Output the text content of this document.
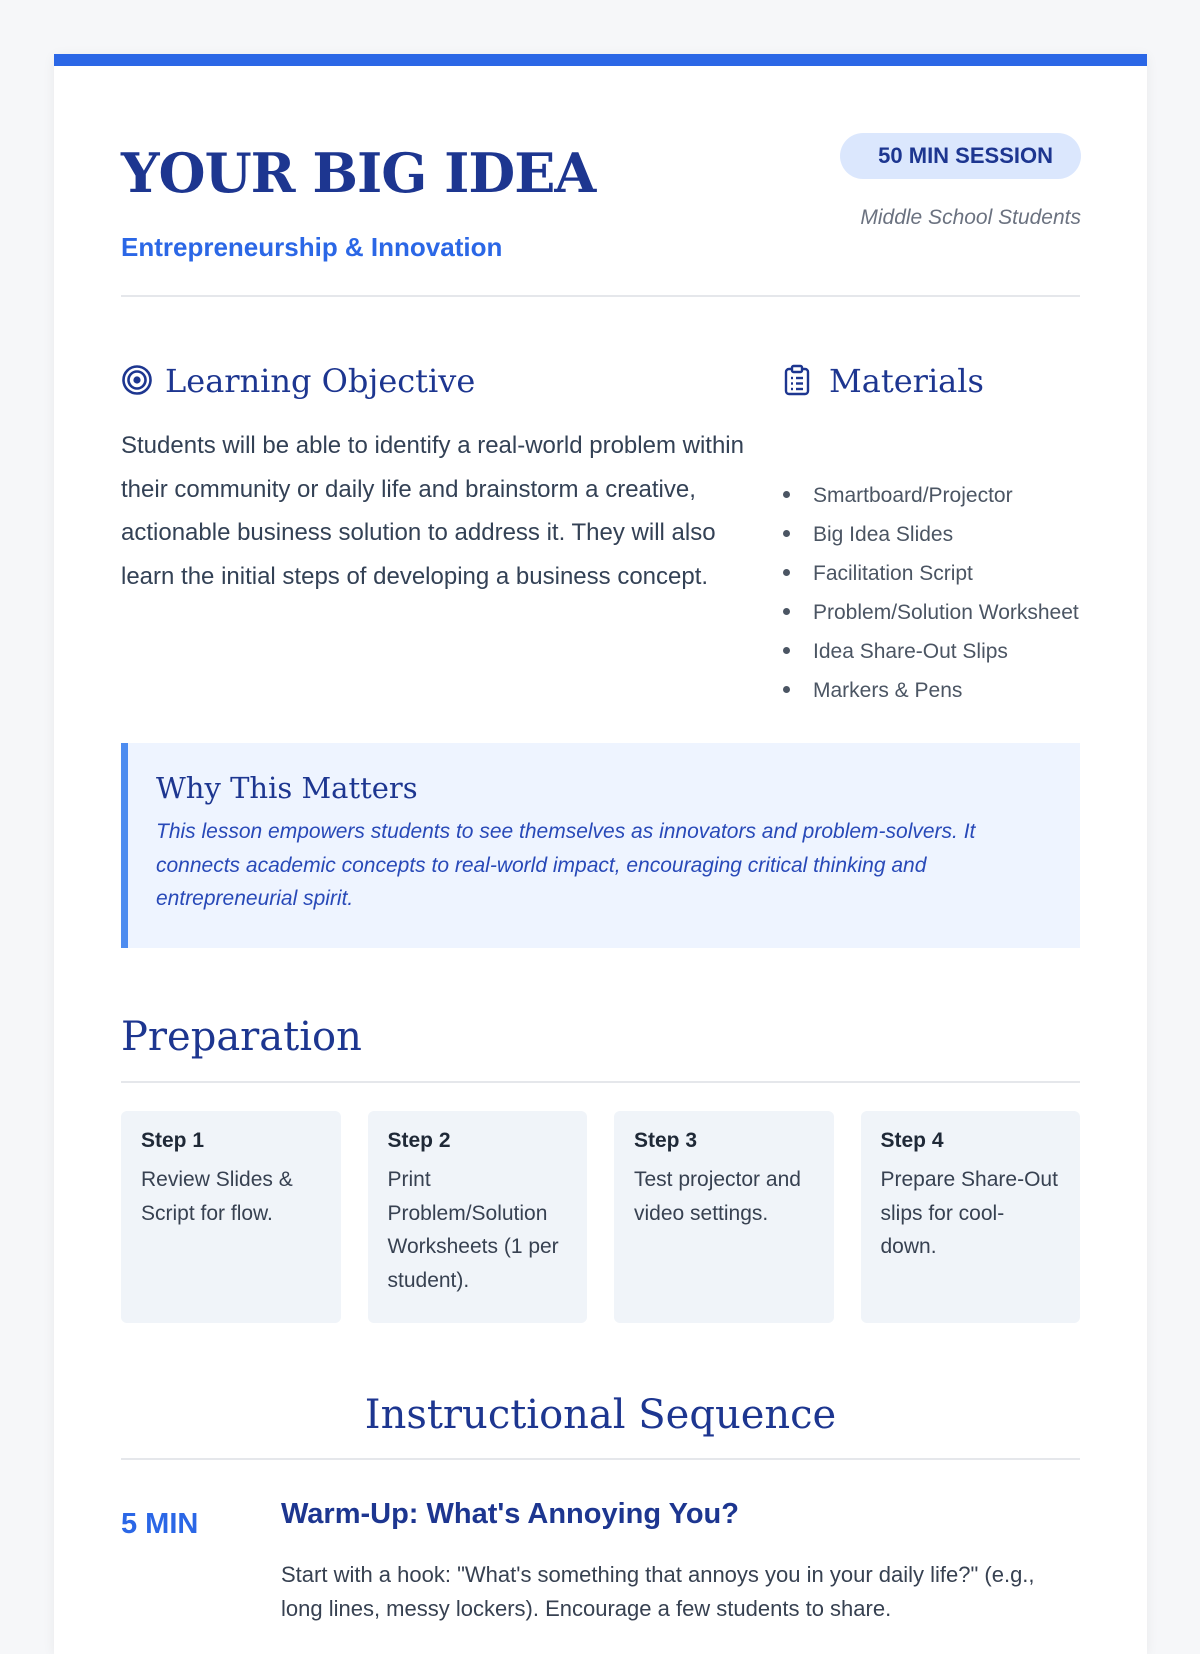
YOUR BIG IDEA
Entrepreneurship & Innovation
50 MIN SESSION
Middle School Students
Learning Objective
Students will be able to identify a real-world problem within their community or daily life and brainstorm a creative, actionable business solution to address it. They will also learn the initial steps of developing a business concept.
Materials
Smartboard/Projector
Big Idea Slides
Facilitation Script
Problem/Solution Worksheet
Idea Share-Out Slips
Markers & Pens
Why This Matters

This lesson empowers students to see themselves as innovators and problem-solvers. It connects academic concepts to real-world impact, encouraging critical thinking and entrepreneurial spirit.

Preparation
Step 1
Review Slides & Script for flow.
Step 2
Print Problem/Solution Worksheets (1 per student).
Step 3
Test projector and video settings.
Step 4
Prepare Share-Out slips for cool-down.
Instructional Sequence
5 MIN	Warm-Up: What's Annoying You?
Start with a hook: "What's something that annoys you in your daily life?" (e.g., long lines, messy lockers). Encourage a few students to share.
